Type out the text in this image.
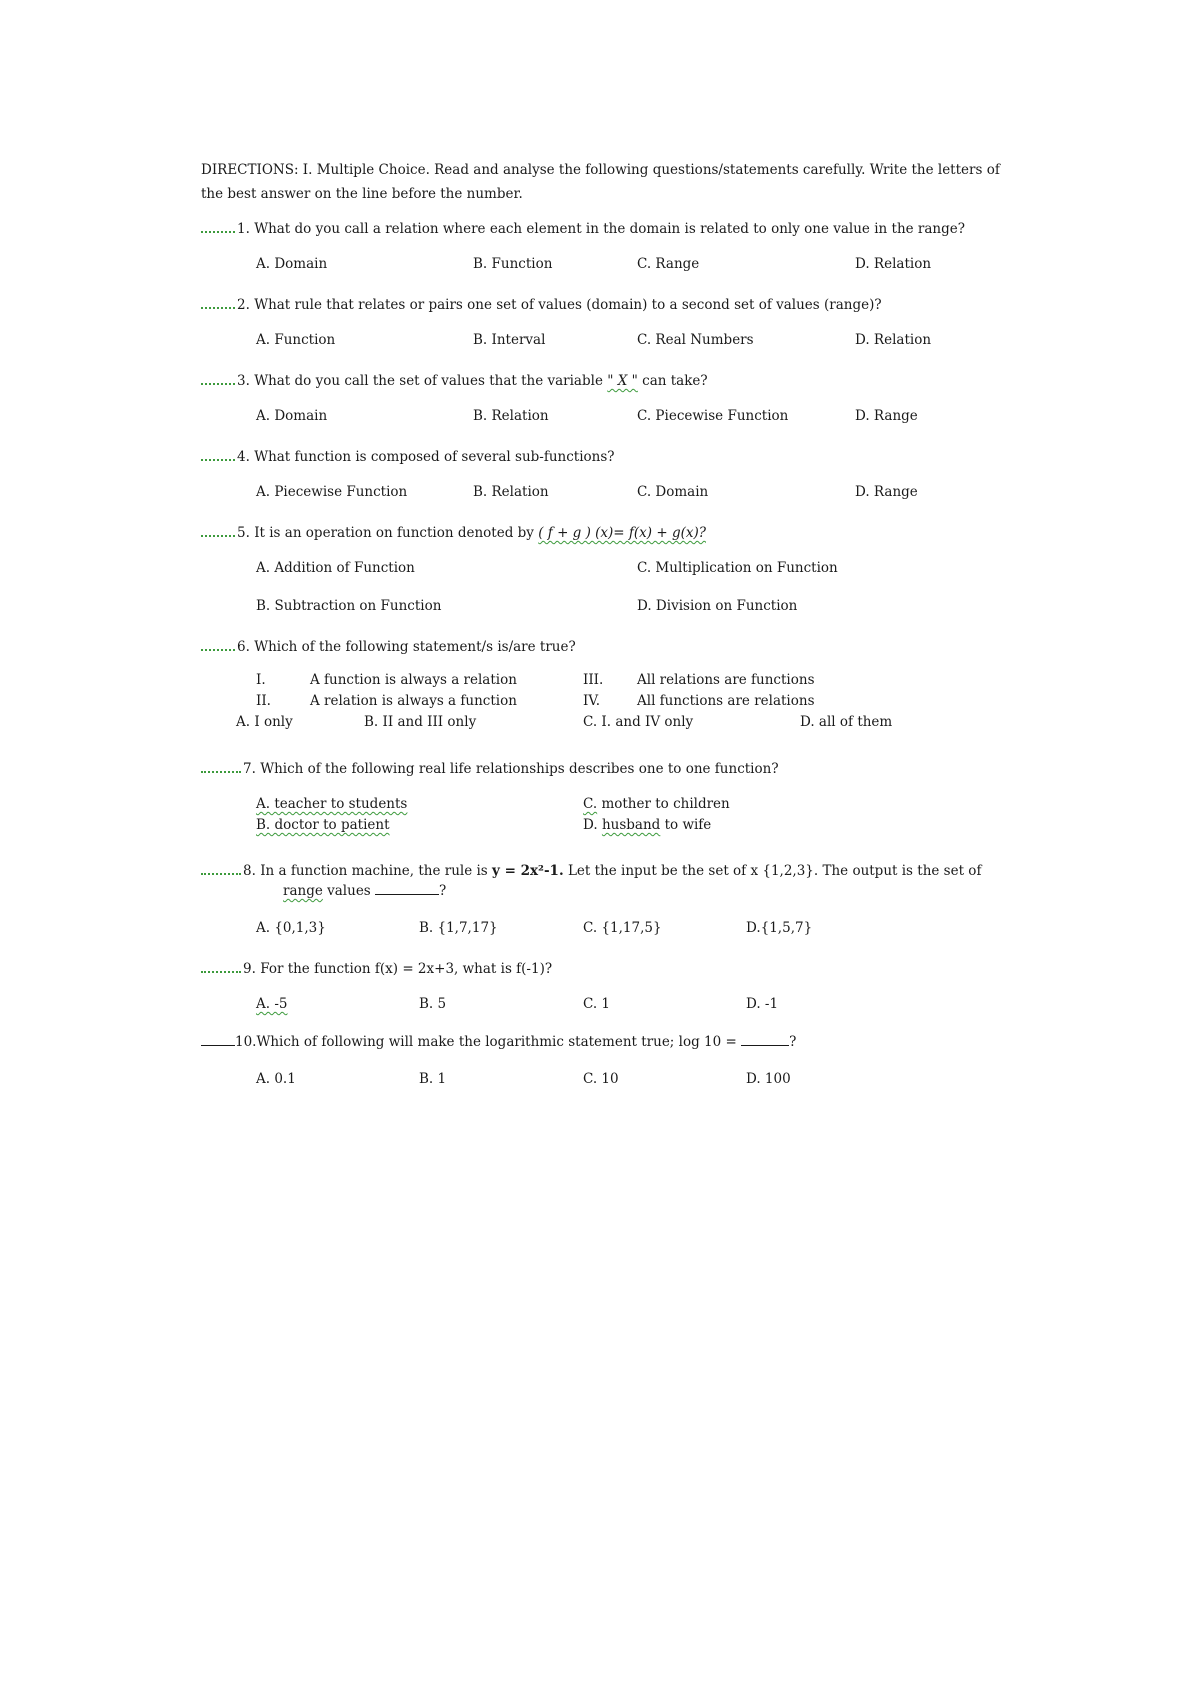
DIRECTIONS: I. Multiple Choice. Read and analyse the following questions/statements carefully. Write the letters of
the best answer on the line before the number.
1. What do you call a relation where each element in the domain is related to only one value in the range?
A. Domain	B. Function	C. Range	D. Relation
2. What rule that relates or pairs one set of values (domain) to a second set of values (range)?
A. Function	B. Interval	C. Real Numbers	D. Relation
3. What do you call the set of values that the variable " X " can take?
A. Domain	B. Relation	C. Piecewise Function	D. Range
4. What function is composed of several sub-functions?
A. Piecewise Function	B. Relation	C. Domain	D. Range
5. It is an operation on function denoted by ( f + g ) (x)= f(x) + g(x)?
A. Addition of Function	C. Multiplication on Function
B. Subtraction on Function	D. Division on Function
6. Which of the following statement/s is/are true?
I.	A function is always a relation	III. All relations are functions
II.	A relation is always a function	IV.	All functions are relations
A. I only	B. II and III only	C. I. and IV only	D. all of them
7. Which of the following real life relationships describes one to one function?
A. teacher to students	C. mother to children
B. doctor to patient	D. husband to wife
8. In a function machine, the rule is y = 2x²-1. Let the input be the set of x {1,2,3}. The output is the set of
range values	?
A. {0,1,3}	B. {1,7,17}	C. {1,17,5}	D.{1,5,7}
9. For the function f(x) = 2x+3, what is f(-1)?
A. -5	B. 5	C. 1	D. -1
10.Which of following will make the logarithmic statement true; log 10 =	?
A. 0.1	B. 1	C. 10	D. 100
